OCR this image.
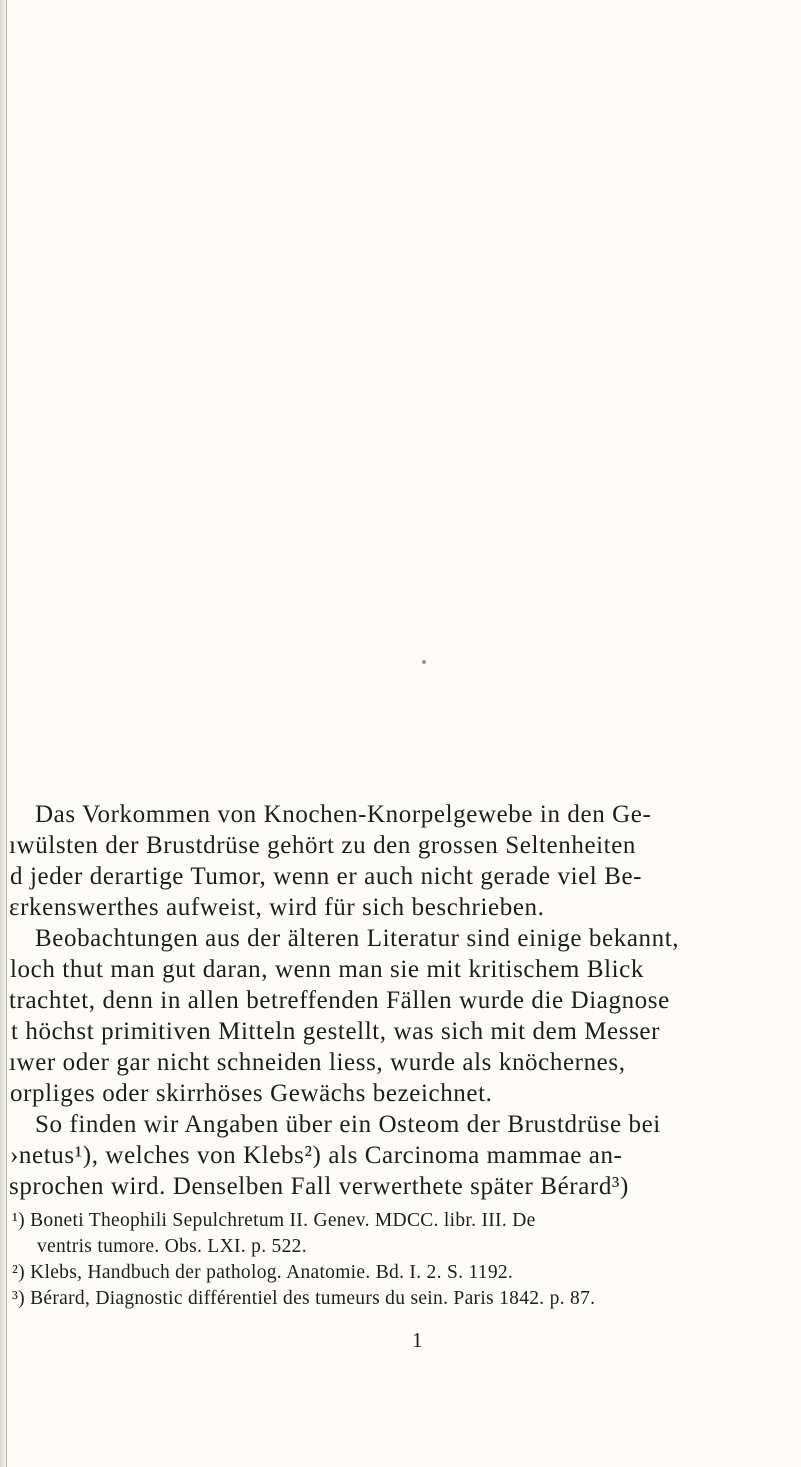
Das Vorkommen von Knochen-Knorpelgewebe in den Ge-
ıwülsten der Brustdrüse gehört zu den grossen Seltenheiten
d jeder derartige Tumor, wenn er auch nicht gerade viel Be-
ɛrkenswerthes aufweist, wird für sich beschrieben.
Beobachtungen aus der älteren Literatur sind einige bekannt,
loch thut man gut daran, wenn man sie mit kritischem Blick
trachtet, denn in allen betreffenden Fällen wurde die Diagnose
t höchst primitiven Mitteln gestellt, was sich mit dem Messer
ıwer oder gar nicht schneiden liess, wurde als knöchernes,
orpliges oder skirrhöses Gewächs bezeichnet.
So finden wir Angaben über ein Osteom der Brustdrüse bei
›netus¹), welches von Klebs²) als Carcinoma mammae an-
sprochen wird. Denselben Fall verwerthete später Bérard³)
¹) Boneti Theophili Sepulchretum II. Genev. MDCC. libr. III. De
ventris tumore. Obs. LXI. p. 522.
²) Klebs, Handbuch der patholog. Anatomie. Bd. I. 2. S. 1192.
³) Bérard, Diagnostic différentiel des tumeurs du sein. Paris 1842. p. 87.
1
